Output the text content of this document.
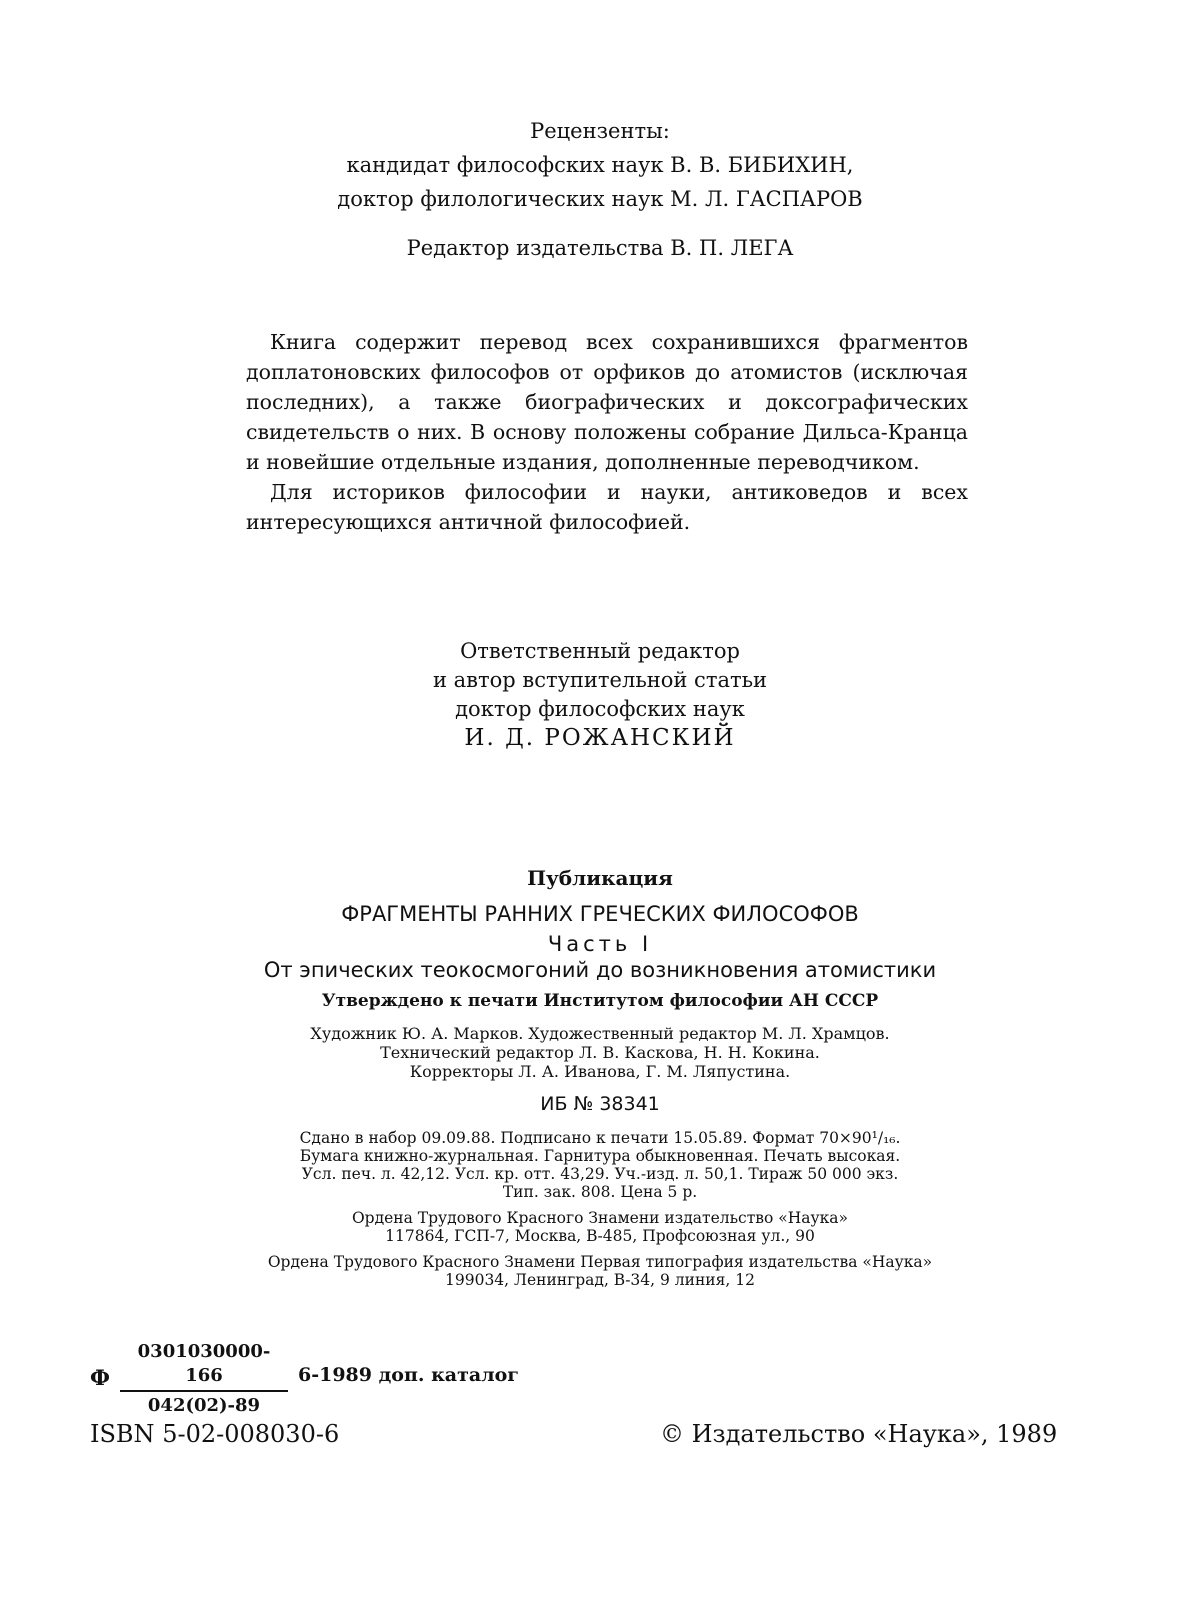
Рецензенты:
кандидат философских наук В. В. БИБИХИН,
доктор филологических наук М. Л. ГАСПАРОВ
Редактор издательства В. П. ЛЕГА

Книга содержит перевод всех сохранившихся фрагментов доплатоновских философов от орфиков до атомистов (исключая последних), а также биографических и доксографических свидетельств о них. В основу положены собрание Дильса-Кранца и новейшие отдельные издания, дополненные переводчиком.

Для историков философии и науки, антиковедов и всех интересующихся античной философией.

Ответственный редактор
и автор вступительной статьи
доктор философских наук
И. Д. РОЖАНСКИЙ
Публикация
ФРАГМЕНТЫ РАННИХ ГРЕЧЕСКИХ ФИЛОСОФОВ
Часть I
От эпических теокосмогоний до возникновения атомистики
Утверждено к печати Институтом философии АН СССР
Художник Ю. А. Марков. Художественный редактор М. Л. Храмцов.
Технический редактор Л. В. Каскова, Н. Н. Кокина.
Корректоры Л. А. Иванова, Г. М. Ляпустина.
ИБ № 38341
Сдано в набор 09.09.88. Подписано к печати 15.05.89. Формат 70×90¹/₁₆.
Бумага книжно-журнальная. Гарнитура обыкновенная. Печать высокая.
Усл. печ. л. 42,12. Усл. кр. отт. 43,29. Уч.-изд. л. 50,1. Тираж 50 000 экз.
Тип. зак. 808. Цена 5 р.
Ордена Трудового Красного Знамени издательство «Наука»
117864, ГСП-7, Москва, В-485, Профсоюзная ул., 90
Ордена Трудового Красного Знамени Первая типография издательства «Наука»
199034, Ленинград, В-34, 9 линия, 12
Ф
0301030000-166
042(02)-89
6-1989 доп. каталог
ISBN 5-02-008030-6	© Издательство «Наука», 1989
